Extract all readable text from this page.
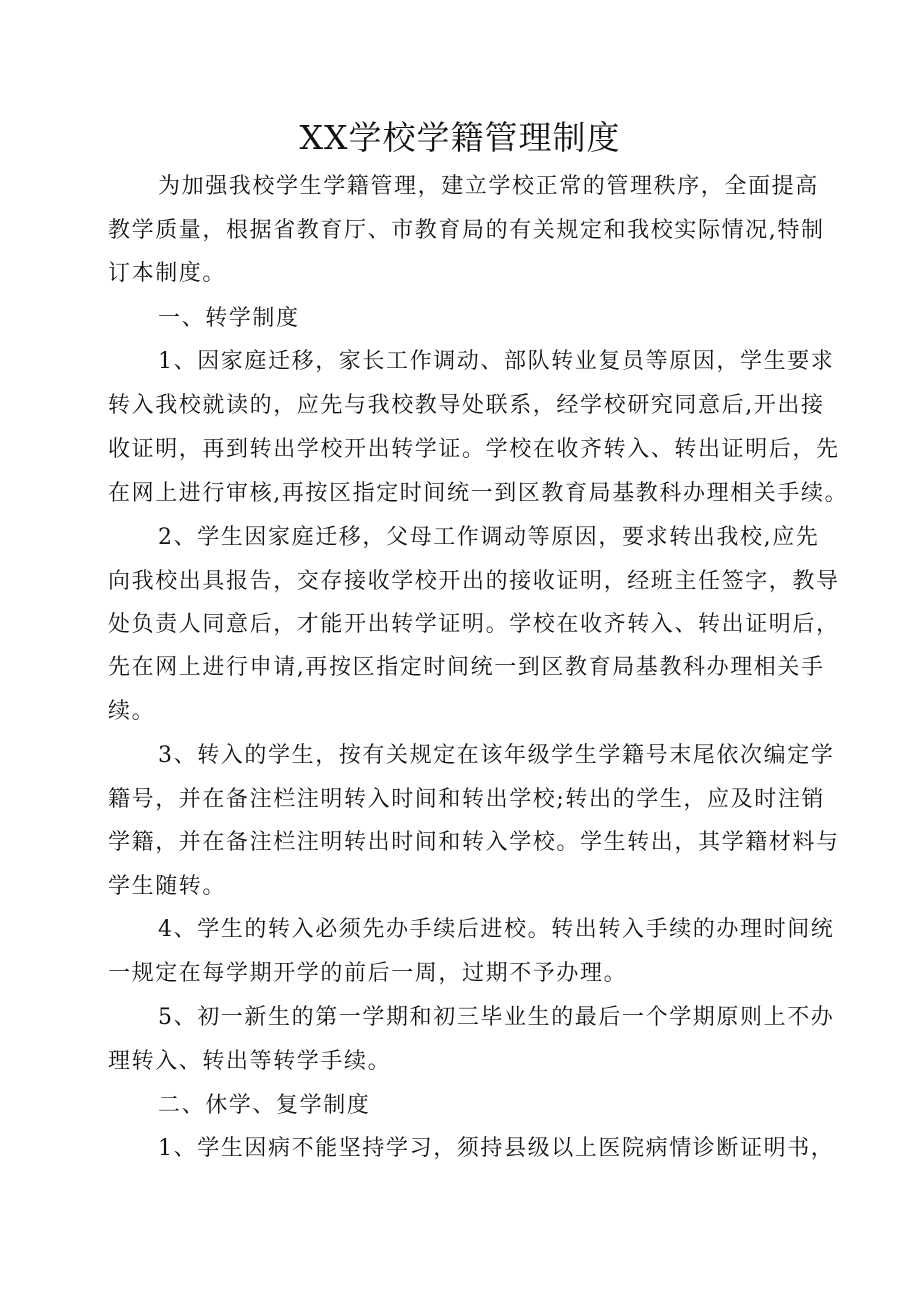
XX学校学籍管理制度
为加强我校学生学籍管理，建立学校正常的管理秩序，全面提高
教学质量，根据省教育厅、市教育局的有关规定和我校实际情况,特制
订本制度。
一、转学制度
1、因家庭迁移，家长工作调动、部队转业复员等原因，学生要求
转入我校就读的，应先与我校教导处联系，经学校研究同意后,开出接
收证明，再到转出学校开出转学证。学校在收齐转入、转出证明后，先
在网上进行审核,再按区指定时间统一到区教育局基教科办理相关手续。
2、学生因家庭迁移，父母工作调动等原因，要求转出我校,应先
向我校出具报告，交存接收学校开出的接收证明，经班主任签字，教导
处负责人同意后，才能开出转学证明。学校在收齐转入、转出证明后，
先在网上进行申请,再按区指定时间统一到区教育局基教科办理相关手
续。
3、转入的学生，按有关规定在该年级学生学籍号末尾依次编定学
籍号，并在备注栏注明转入时间和转出学校;转出的学生，应及时注销
学籍，并在备注栏注明转出时间和转入学校。学生转出，其学籍材料与
学生随转。
4、学生的转入必须先办手续后进校。转出转入手续的办理时间统
一规定在每学期开学的前后一周，过期不予办理。
5、初一新生的第一学期和初三毕业生的最后一个学期原则上不办
理转入、转出等转学手续。
二、休学、复学制度
1、学生因病不能坚持学习，须持县级以上医院病情诊断证明书，
